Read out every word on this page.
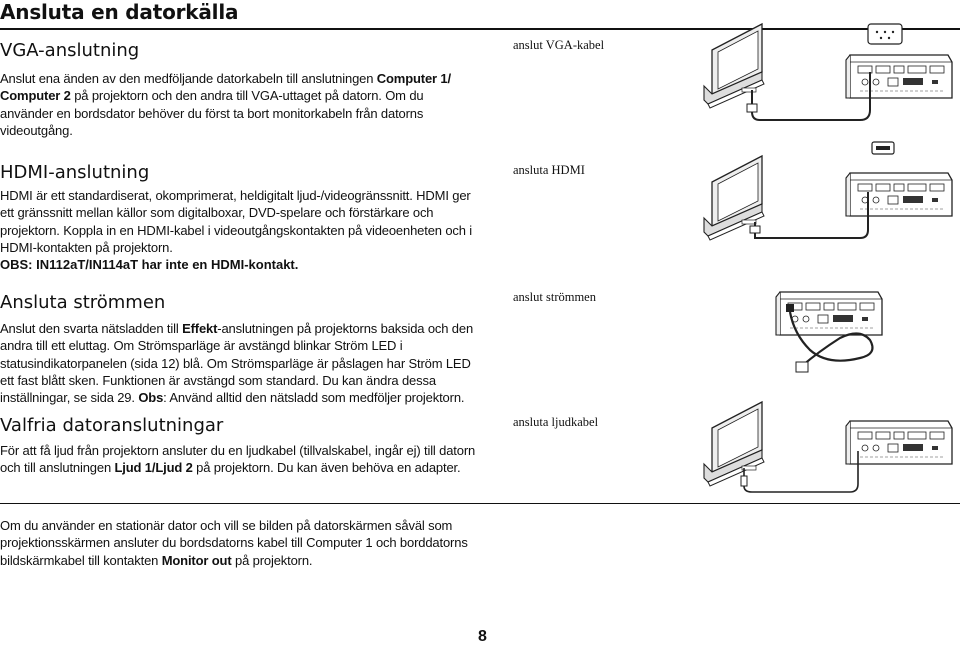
Ansluta en datorkälla
VGA-anslutning

Anslut ena änden av den medföljande datorkabeln till anslutningen Computer 1/ Computer 2 på projektorn och den andra till VGA-uttaget på datorn. Om du använder en bordsdator behöver du först ta bort monitorkabeln från datorns videoutgång.

anslut VGA-kabel

HDMI-anslutning

HDMI är ett standardiserat, okomprimerat, heldigitalt ljud-/videogränssnitt. HDMI ger ett gränssnitt mellan källor som digitalboxar, DVD-spelare och förstärkare och projektorn. Koppla in en HDMI-kabel i videoutgångskontakten på videoenheten och i HDMI-kontakten på projektorn.

OBS: IN112aT/IN114aT har inte en HDMI-kontakt.

ansluta HDMI

Ansluta strömmen

Anslut den svarta nätsladden till Effekt-anslutningen på projektorns baksida och den andra till ett eluttag. Om Strömsparläge är avstängd blinkar Ström LED i statusindikatorpanelen (sida 12) blå. Om Strömsparläge är påslagen har Ström LED ett fast blått sken. Funktionen är avstängd som standard. Du kan ändra dessa inställningar, se sida 29. Obs: Använd alltid den nätsladd som medföljer projektorn.

anslut strömmen

Valfria datoranslutningar

För att få ljud från projektorn ansluter du en ljudkabel (tillvalskabel, ingår ej) till datorn och till anslutningen Ljud 1/Ljud 2 på projektorn. Du kan även behöva en adapter.

ansluta ljudkabel

Om du använder en stationär dator och vill se bilden på datorskärmen såväl som projektionsskärmen ansluter du bordsdatorns kabel till Computer 1 och borddatorns bildskärmkabel till kontakten Monitor out på projektorn.

8
